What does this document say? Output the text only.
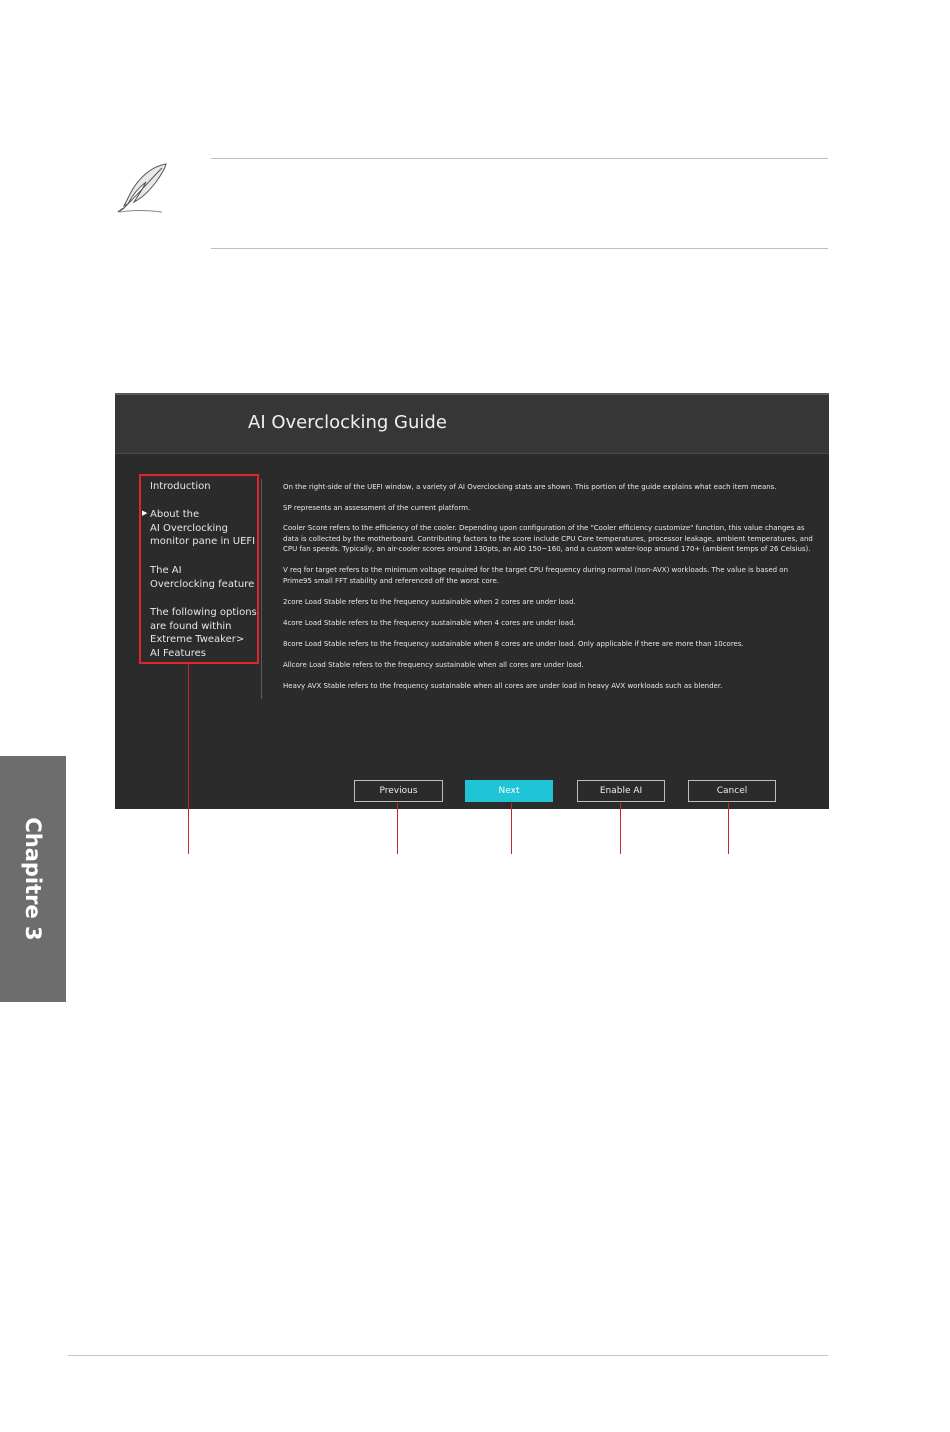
AI Overclocking Guide
Introduction
▶ About the
AI Overclocking
monitor pane in UEFI
The AI
Overclocking feature
The following options
are found within
Extreme Tweaker>
AI Features
On the right-side of the UEFI window, a variety of AI Overclocking stats are shown. This portion of the guide explains what each item means.
SP represents an assessment of the current platform.
Cooler Score refers to the efficiency of the cooler. Depending upon configuration of the "Cooler efficiency customize" function, this value changes as data is collected by the motherboard. Contributing factors to the score include CPU Core temperatures, processor leakage, ambient temperatures, and CPU fan speeds. Typically, an air-cooler scores around 130pts, an AIO 150~160, and a custom water-loop around 170+ (ambient temps of 26 Celsius).
V req for target refers to the minimum voltage required for the target CPU frequency during normal (non-AVX) workloads. The value is based on Prime95 small FFT stability and referenced off the worst core.
2core Load Stable refers to the frequency sustainable when 2 cores are under load.
4core Load Stable refers to the frequency sustainable when 4 cores are under load.
8core Load Stable refers to the frequency sustainable when 8 cores are under load. Only applicable if there are more than 10cores.
Allcore Load Stable refers to the frequency sustainable when all cores are under load.
Heavy AVX Stable refers to the frequency sustainable when all cores are under load in heavy AVX workloads such as blender.
Previous	Next	Enable AI	Cancel
Chapitre 3
